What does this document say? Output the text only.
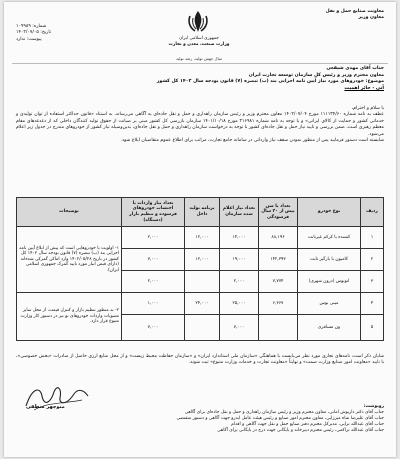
معاونت صنایع حمل و نقل
معاون وزیر
شماره: ۱۰۹۹۸۹
تاریخ: ۱۴۰۲/۰۷/۰۵
پیوست: ندارد	جمهوری اسلامی ایران
وزارت صنعت، معدن و تجارت
سال جهش تولید، رشد تولید
جناب آقای مهدی شیفعی
معاون محترم وزیر و رئیس کل سازمان توسعه تجارت ایران
موضوع: خودروهای مورد نیاز آیین نامه اجرایی بند (ب) تبصره (۷) قانون بودجه سال ۱۴۰۲ کل کشور
آنی - حائز اهمیت
با سلام و احترام،
عطف به نامه شماره ۱۱۱۱۳۴/۶۰ مورخ ۱۴۰۲/۰۷/۰۴ معاون محترم وزیر و رئیس سازمان راهداری و حمل و نقل جاده‌ای به آگاهی می‌رساند، به استناد «قانون حداکثر استفاده از توان تولیدی و خدماتی کشور و حمایت از کالای ایرانی» و با توجه به نامه شماره ۲۱۶۹۸۱ مورخ ۱۴۰۱/۱۰/۱۸ سازمان بازرسی کل کشور مبنی بر صیانت از حقوق تولید کنندگان داخلی که از دغدغه‌های مقام معظم رهبری است، ضمن بررسی و تایید نیاز حمل و نقل جاده‌ای کشور با توجه به درخواست سازمان راهداری و حمل و نقل جاده‌ای، بدین‌وسیله نیاز کشور از خودروهای مندرج در جدول زیر اعلام می‌شود.
شایسته است دستور فرمایید پس از منظور نمودن سقف نیاز وارداتی در سامانه جامع تجارت، مراتب برای اطلاع عموم متقاضیان ابلاغ شود.
ردیف	نوع خودرو	تعداد با سن بیش از ۲۰ سال فرسودگی	تعداد نیاز اعلام شده سازمان	برنامه تولید داخل	تعداد نیاز واردات با احتساب خودروهای فرسوده و تنظیم بازار (دستگاه)	توضیحات
۱	کشنده با کرکم غیرثابت	۸۸,۱۹۶	۱۴,۰۰۰	۱۲,۰۰۰	۲,۰۰۰	۱- اولویت با خودروهایی است که پیش از ابلاغ آیین نامه اجرایی بند (ب) تبصره (۷) قانون بودجه سال ۱۴۰۲ کل کشور در تاریخ ۱۴۰۲/۰۵/۲۸ وارد اماکن گمرکی شده‌اند (دارای قبض انبار مورد تایید گمرک جمهوری اسلامی ایران).
۲	کامیون با بارگیر ثابت	۱۴۲,۳۹۳	۱۹,۰۰۰	۱۲,۰۰۰	۷,۰۰۰	
۳	اتوبوس (درون شهری)	۷,۷۷۴	۲,۰۰۰		۲,۰۰۰	
۴	مینی بوس	۶,۳۶۷	۲۵,۰۰۰	۲۴,۰۰۰	۱,۰۰۰	۲- به منظور تنظیم بازار و کنترل قیمت، از محل سایر مصوبات واردات خودروهای نو نیز در دستور کار وزارت متبوع قرار دارد.
۵	ون مسافری		۷,۰۰۰		۷,۰۰۰	
شایان ذکر است، نامه‌های تجاری مورد نظر می‌بایست با هماهنگی «سازمان ملی استاندارد ایران» و «سازمان حفاظت محیط زیست» و از محل منابع ارزی حاصل از صادرات «بخش خصوصی»، با تایید «معاونت امور صنایع وزارت صمت» و نهایتاً «معاونت تجارت و خدمات وزارت متبوع» ثبت شوند.
منوچهر منطقی	رونوشت:
جناب آقای دکتر داریوش امانی، معاون محترم وزیر و رئیس سازمان راهداری و حمل و نقل جاده‌ای برای آگاهی
جناب آقای علیرضا شاه میرزایی، معاون محترم امور صنایع و رئیس هیئت عامل ایدرو جهت آگاهی و دستور متقتضی
جناب آقای عبدالله ترابی، مدیرکل محترم دفتر صنایع حمل و نقل جهت آگاهی و اقدام
جناب آقای عبدالله تراکمی، رئیس محترم دبیرخانه و بایگانی جهت درج در بایگانی برای آگاهی
